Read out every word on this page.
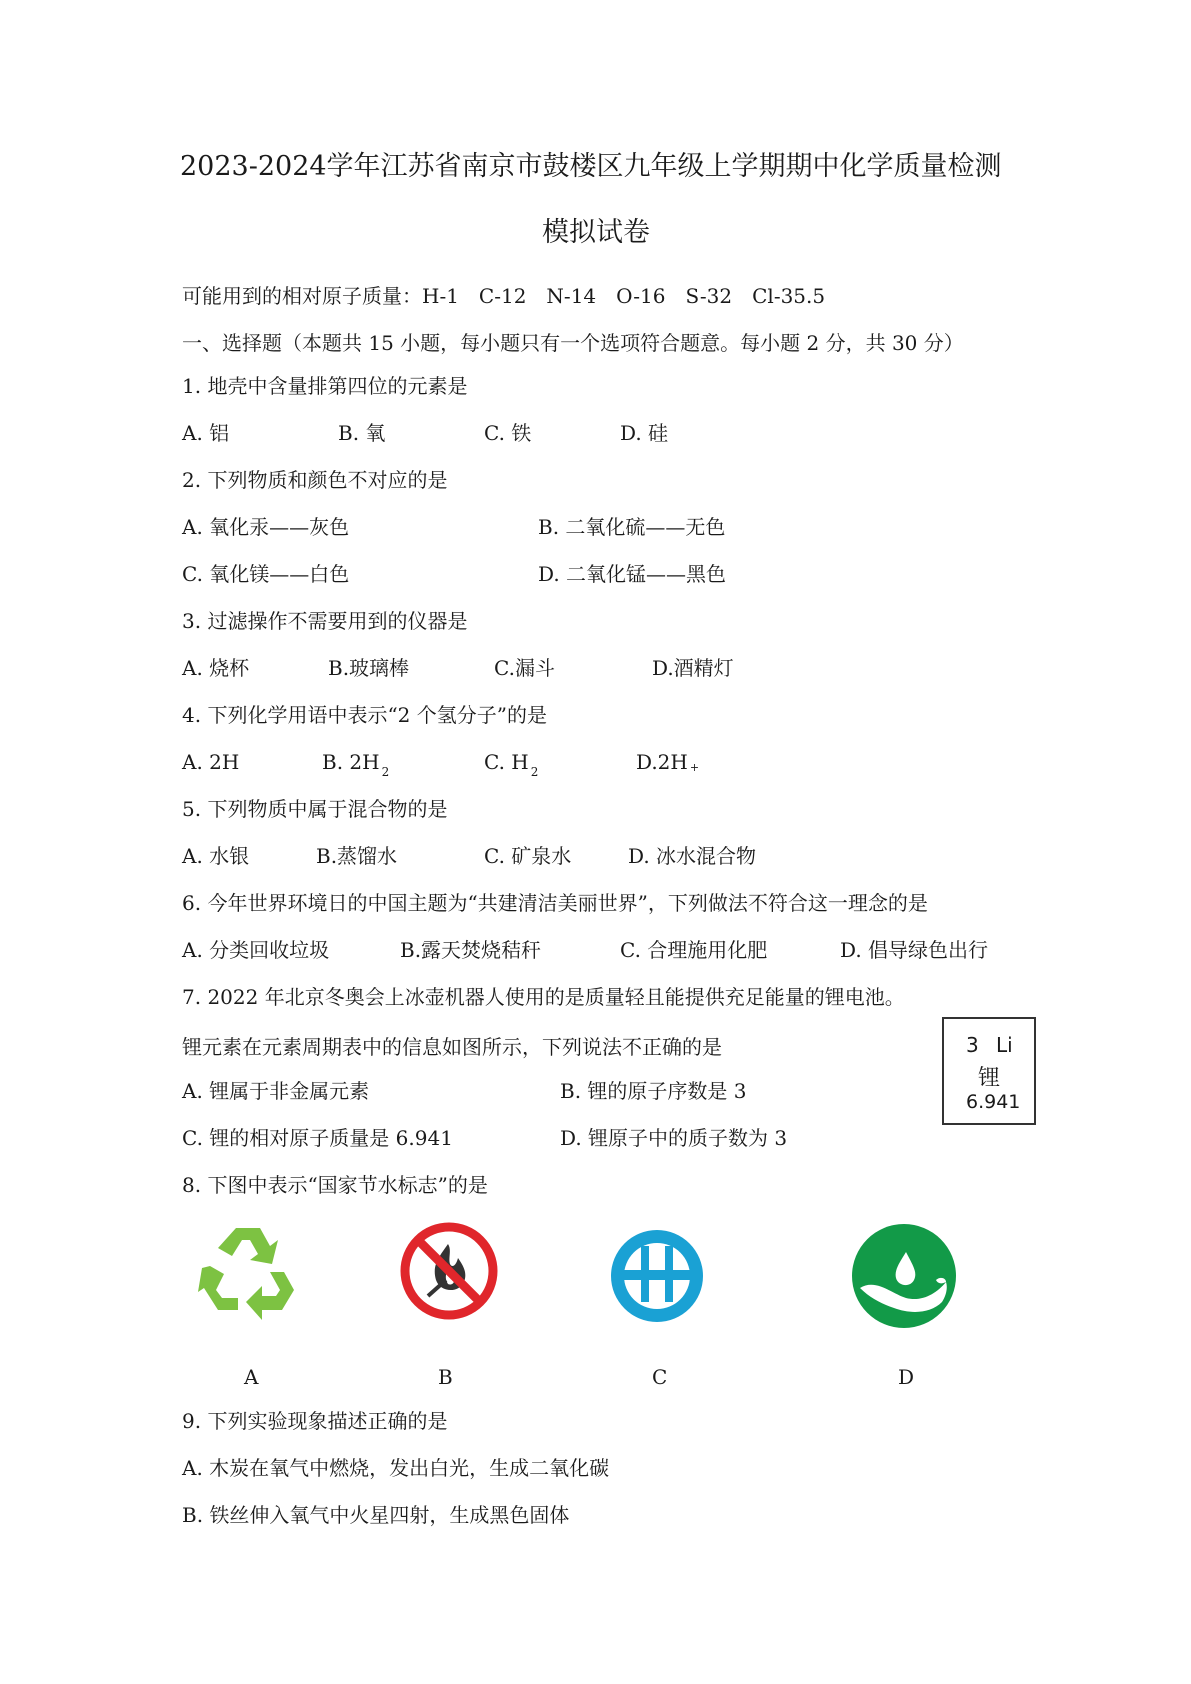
2023-2024学年江苏省南京市鼓楼区九年级上学期期中化学质量检测
模拟试卷
可能用到的相对原子质量：H-1　C-12　N-14　O-16　S-32　Cl-35.5
一、选择题（本题共 15 小题，每小题只有一个选项符合题意。每小题 2 分，共 30 分）
1. 地壳中含量排第四位的元素是
A. 铝	B. 氧	C. 铁	D. 硅
2. 下列物质和颜色不对应的是
A. 氧化汞——灰色	B. 二氧化硫——无色
C. 氧化镁——白色	D. 二氧化锰——黑色
3. 过滤操作不需要用到的仪器是
A. 烧杯	B.玻璃棒	C.漏斗	D.酒精灯
4. 下列化学用语中表示“2 个氢分子”的是
A. 2H	B. 2H $_2$	C. H $_2$	D.2H +
5. 下列物质中属于混合物的是
A. 水银	B.蒸馏水	C. 矿泉水	D. 冰水混合物
6. 今年世界环境日的中国主题为“共建清洁美丽世界”，下列做法不符合这一理念的是
A. 分类回收垃圾	B.露天焚烧秸秆	C. 合理施用化肥	D. 倡导绿色出行
7. 2022 年北京冬奥会上冰壶机器人使用的是质量轻且能提供充足能量的锂电池。
锂元素在元素周期表中的信息如图所示，下列说法不正确的是
A. 锂属于非金属元素	B. 锂的原子序数是 3
C. 锂的相对原子质量是 6.941	D. 锂原子中的质子数为 3
3 Li
锂
6.941
8. 下图中表示“国家节水标志”的是
A	B	C	D
9. 下列实验现象描述正确的是
A. 木炭在氧气中燃烧，发出白光，生成二氧化碳
B. 铁丝伸入氧气中火星四射，生成黑色固体
